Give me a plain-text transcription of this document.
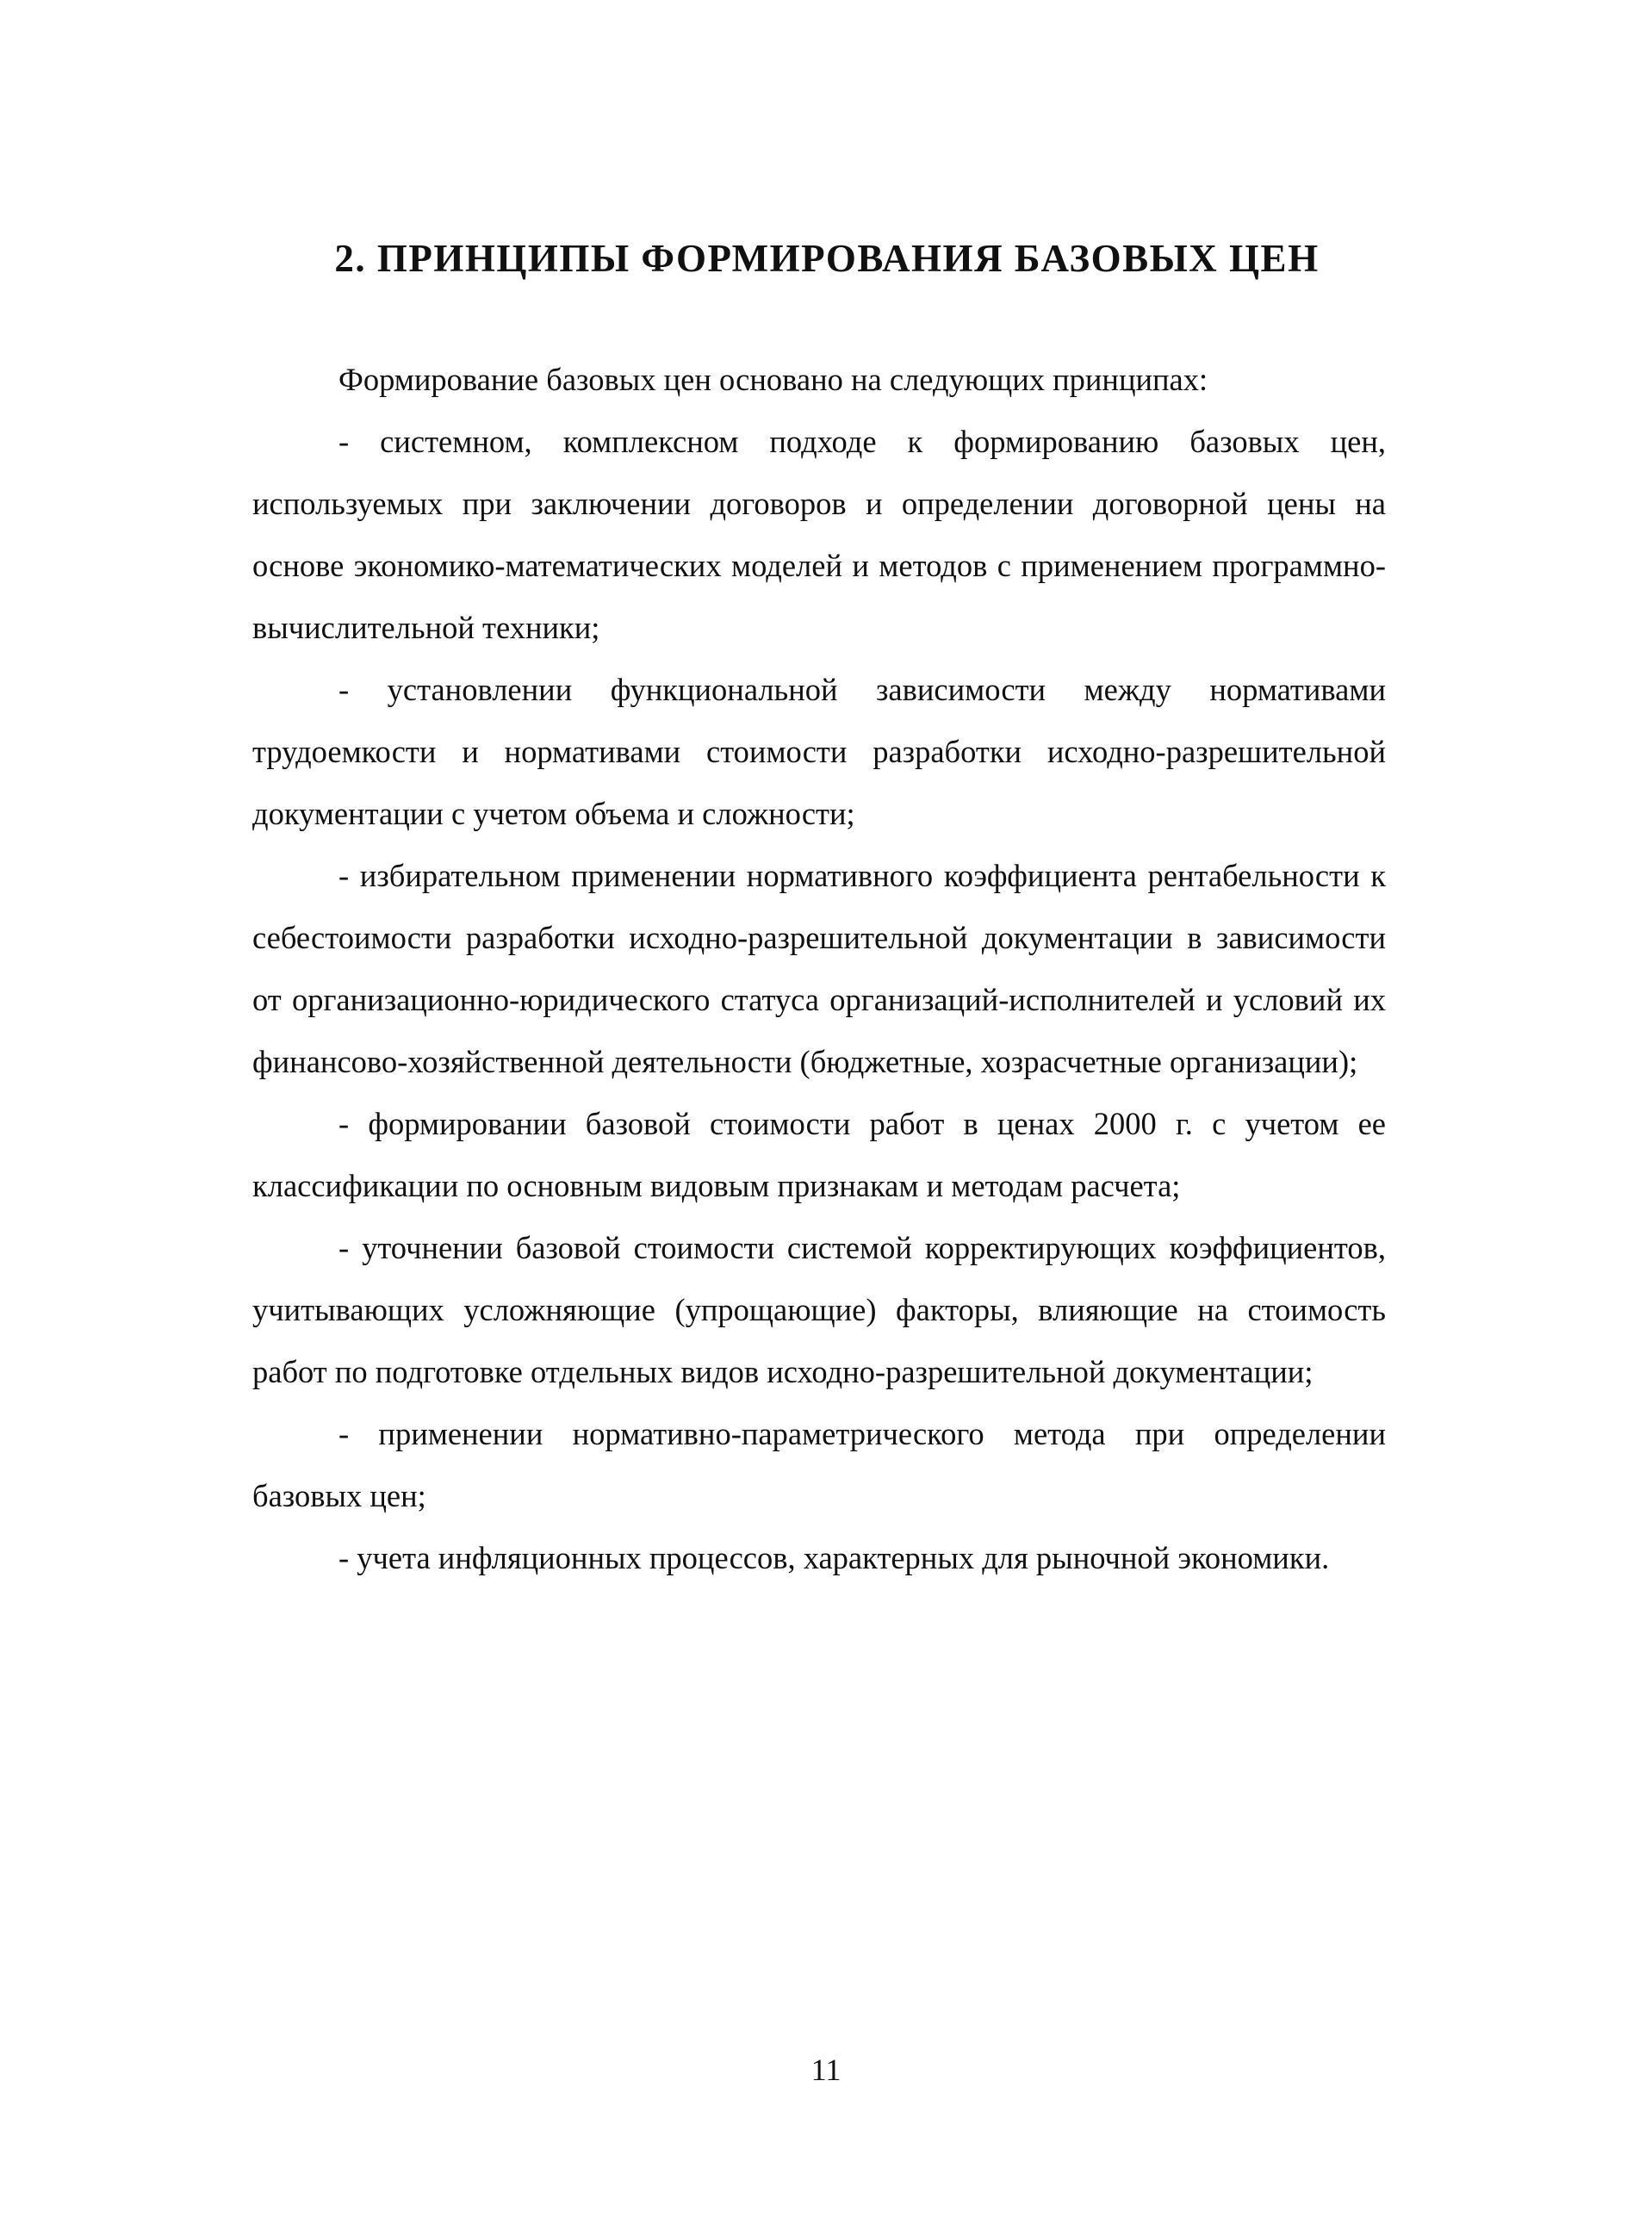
2. ПРИНЦИПЫ ФОРМИРОВАНИЯ БАЗОВЫХ ЦЕН

Формирование базовых цен основано на следующих принципах:

- системном, комплексном подходе к формированию базовых цен, используемых при заключении договоров и определении договорной цены на основе экономико-математических моделей и методов с применением программно-вычислительной техники;

- установлении функциональной зависимости между нормативами трудоемкости и нормативами стоимости разработки исходно-разрешительной документации с учетом объема и сложности;

- избирательном применении нормативного коэффициента рентабельности к себестоимости разработки исходно-разрешительной документации в зависимости от организационно-юридического статуса организаций-исполнителей и условий их финансово-хозяйственной деятельности (бюджетные, хозрасчетные организации);

- формировании базовой стоимости работ в ценах 2000 г. с учетом ее классификации по основным видовым признакам и методам расчета;

- уточнении базовой стоимости системой корректирующих коэффициентов, учитывающих усложняющие (упрощающие) факторы, влияющие на стоимость работ по подготовке отдельных видов исходно-разрешительной документации;

- применении нормативно-параметрического метода при определении базовых цен;

- учета инфляционных процессов, характерных для рыночной экономики.

11
